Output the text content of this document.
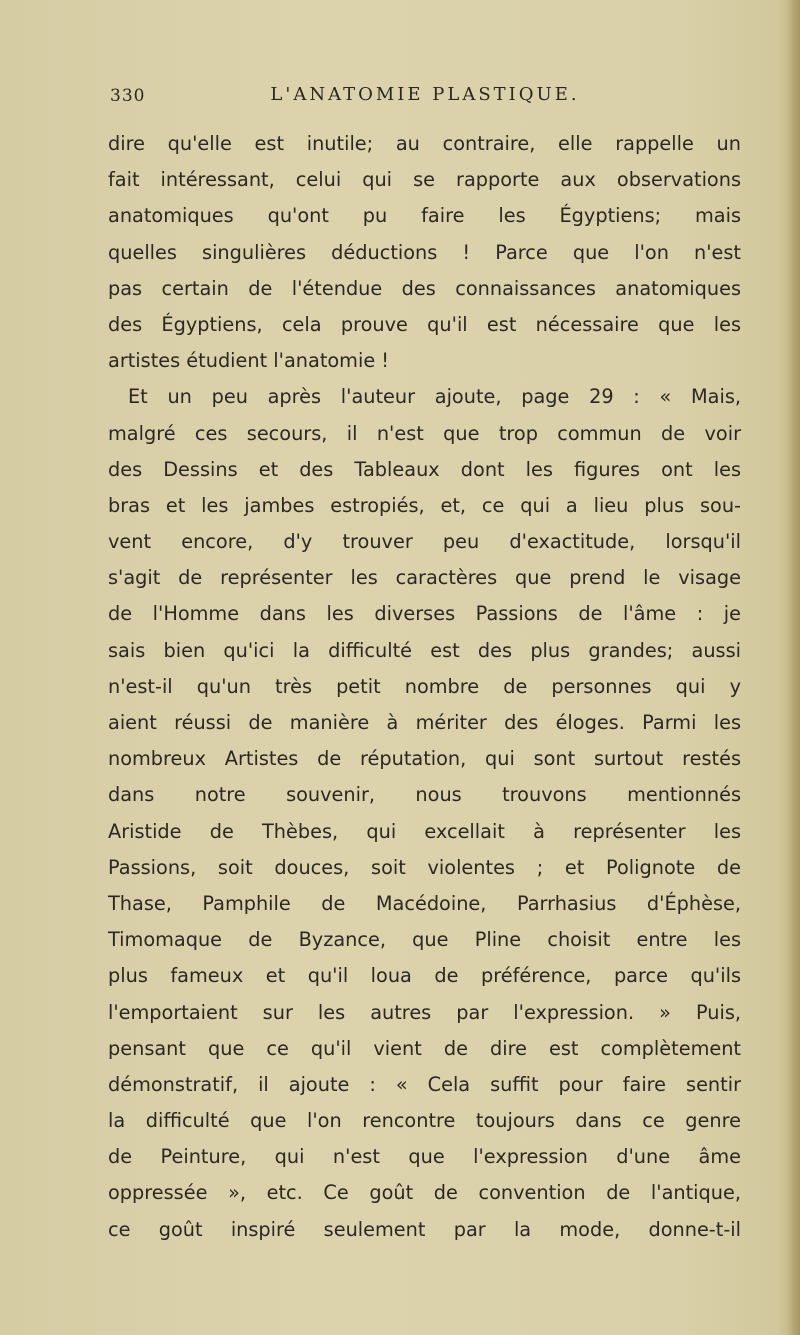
330	L'ANATOMIE PLASTIQUE.
dire qu'elle est inutile; au contraire, elle rappelle un
fait intéressant, celui qui se rapporte aux observations
anatomiques qu'ont pu faire les Égyptiens; mais
quelles singulières déductions ! Parce que l'on n'est
pas certain de l'étendue des connaissances anatomiques
des Égyptiens, cela prouve qu'il est nécessaire que les
artistes étudient l'anatomie !
Et un peu après l'auteur ajoute, page 29 : « Mais,
malgré ces secours, il n'est que trop commun de voir
des Dessins et des Tableaux dont les figures ont les
bras et les jambes estropiés, et, ce qui a lieu plus sou-
vent encore, d'y trouver peu d'exactitude, lorsqu'il
s'agit de représenter les caractères que prend le visage
de l'Homme dans les diverses Passions de l'âme : je
sais bien qu'ici la difficulté est des plus grandes; aussi
n'est-il qu'un très petit nombre de personnes qui y
aient réussi de manière à mériter des éloges. Parmi les
nombreux Artistes de réputation, qui sont surtout restés
dans notre souvenir, nous trouvons mentionnés
Aristide de Thèbes, qui excellait à représenter les
Passions, soit douces, soit violentes ; et Polignote de
Thase, Pamphile de Macédoine, Parrhasius d'Éphèse,
Timomaque de Byzance, que Pline choisit entre les
plus fameux et qu'il loua de préférence, parce qu'ils
l'emportaient sur les autres par l'expression. » Puis,
pensant que ce qu'il vient de dire est complètement
démonstratif, il ajoute : « Cela suffit pour faire sentir
la difficulté que l'on rencontre toujours dans ce genre
de Peinture, qui n'est que l'expression d'une âme
oppressée », etc. Ce goût de convention de l'antique,
ce goût inspiré seulement par la mode, donne-t-il
